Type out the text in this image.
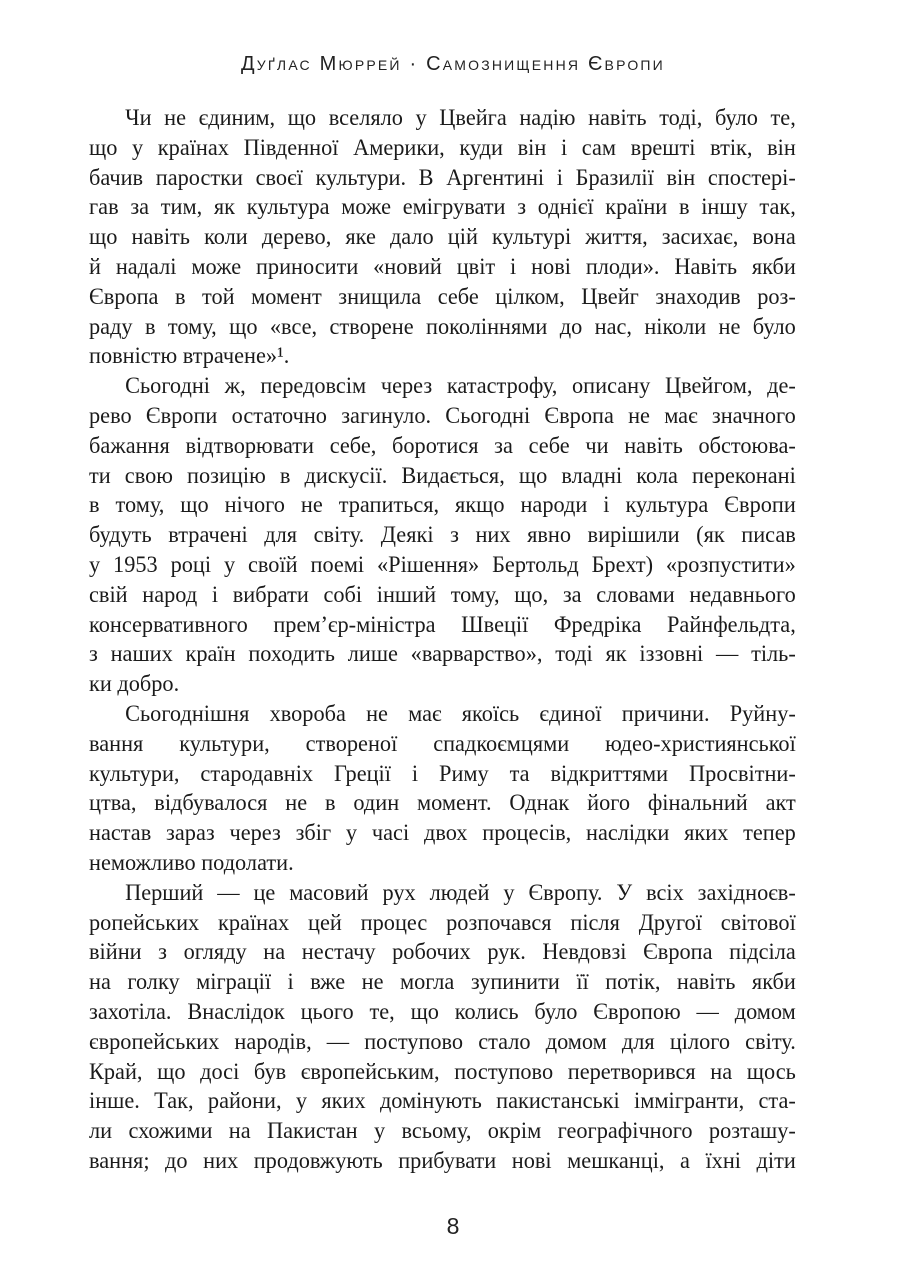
Дуґлас Мюррей · Самознищення Європи
Чи не єдиним, що вселяло у Цвейга надію навіть тоді, було те,
що у країнах Південної Америки, куди він і сам врешті втік, він
бачив паростки своєї культури. В Аргентині і Бразилії він спостері-
гав за тим, як культура може емігрувати з однієї країни в іншу так,
що навіть коли дерево, яке дало цій культурі життя, засихає, вона
й надалі може приносити «новий цвіт і нові плоди». Навіть якби
Європа в той момент знищила себе цілком, Цвейг знаходив роз-
раду в тому, що «все, створене поколіннями до нас, ніколи не було
повністю втрачене»¹.
Сьогодні ж, передовсім через катастрофу, описану Цвейгом, де-
рево Європи остаточно загинуло. Сьогодні Європа не має значного
бажання відтворювати себе, боротися за себе чи навіть обстоюва-
ти свою позицію в дискусії. Видається, що владні кола переконані
в тому, що нічого не трапиться, якщо народи і культура Європи
будуть втрачені для світу. Деякі з них явно вирішили (як писав
у 1953 році у своїй поемі «Рішення» Бертольд Брехт) «розпустити»
свій народ і вибрати собі інший тому, що, за словами недавнього
консервативного прем’єр-міністра Швеції Фредріка Райнфельдта,
з наших країн походить лише «варварство», тоді як іззовні — тіль-
ки добро.
Сьогоднішня хвороба не має якоїсь єдиної причини. Руйну-
вання культури, створеної спадкоємцями юдео-християнської
культури, стародавніх Греції і Риму та відкриттями Просвітни-
цтва, відбувалося не в один момент. Однак його фінальний акт
настав зараз через збіг у часі двох процесів, наслідки яких тепер
неможливо подолати.
Перший — це масовий рух людей у Європу. У всіх західноєв-
ропейських країнах цей процес розпочався після Другої світової
війни з огляду на нестачу робочих рук. Невдовзі Європа підсіла
на голку міграції і вже не могла зупинити її потік, навіть якби
захотіла. Внаслідок цього те, що колись було Європою — домом
європейських народів, — поступово стало домом для цілого світу.
Край, що досі був європейським, поступово перетворився на щось
інше. Так, райони, у яких домінують пакистанські іммігранти, ста-
ли схожими на Пакистан у всьому, окрім географічного розташу-
вання; до них продовжують прибувати нові мешканці, а їхні діти
8
